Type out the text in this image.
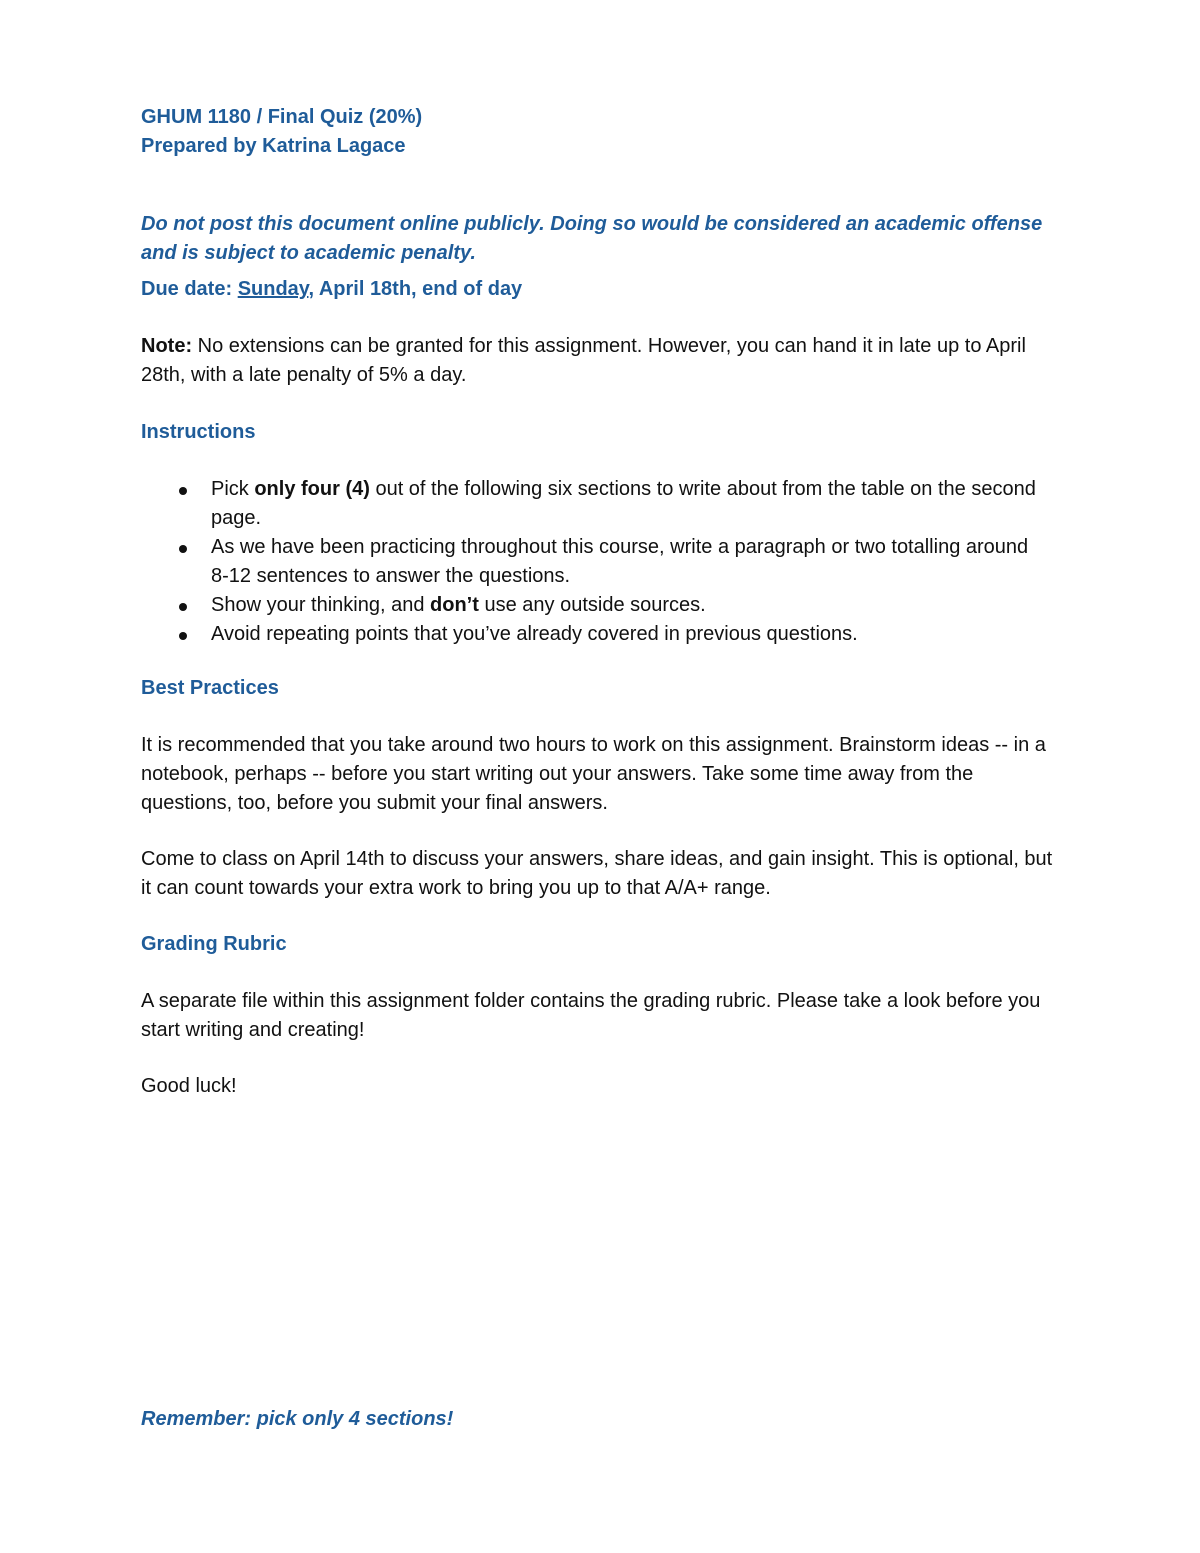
GHUM 1180 / Final Quiz (20%)

Prepared by Katrina Lagace

Do not post this document online publicly. Doing so would be considered an academic offense and is subject to academic penalty.

Due date: Sunday, April 18th, end of day

Note: No extensions can be granted for this assignment. However, you can hand it in late up to April 28th, with a late penalty of 5% a day.

Instructions

Pick only four (4) out of the following six sections to write about from the table on the second page.
As we have been practicing throughout this course, write a paragraph or two totalling around 8-12 sentences to answer the questions.
Show your thinking, and don’t use any outside sources.
Avoid repeating points that you’ve already covered in previous questions.

Best Practices

It is recommended that you take around two hours to work on this assignment. Brainstorm ideas -- in a notebook, perhaps -- before you start writing out your answers. Take some time away from the questions, too, before you submit your final answers.

Come to class on April 14th to discuss your answers, share ideas, and gain insight. This is optional, but it can count towards your extra work to bring you up to that A/A+ range.

Grading Rubric

A separate file within this assignment folder contains the grading rubric. Please take a look before you start writing and creating!

Good luck!

Remember: pick only 4 sections!
